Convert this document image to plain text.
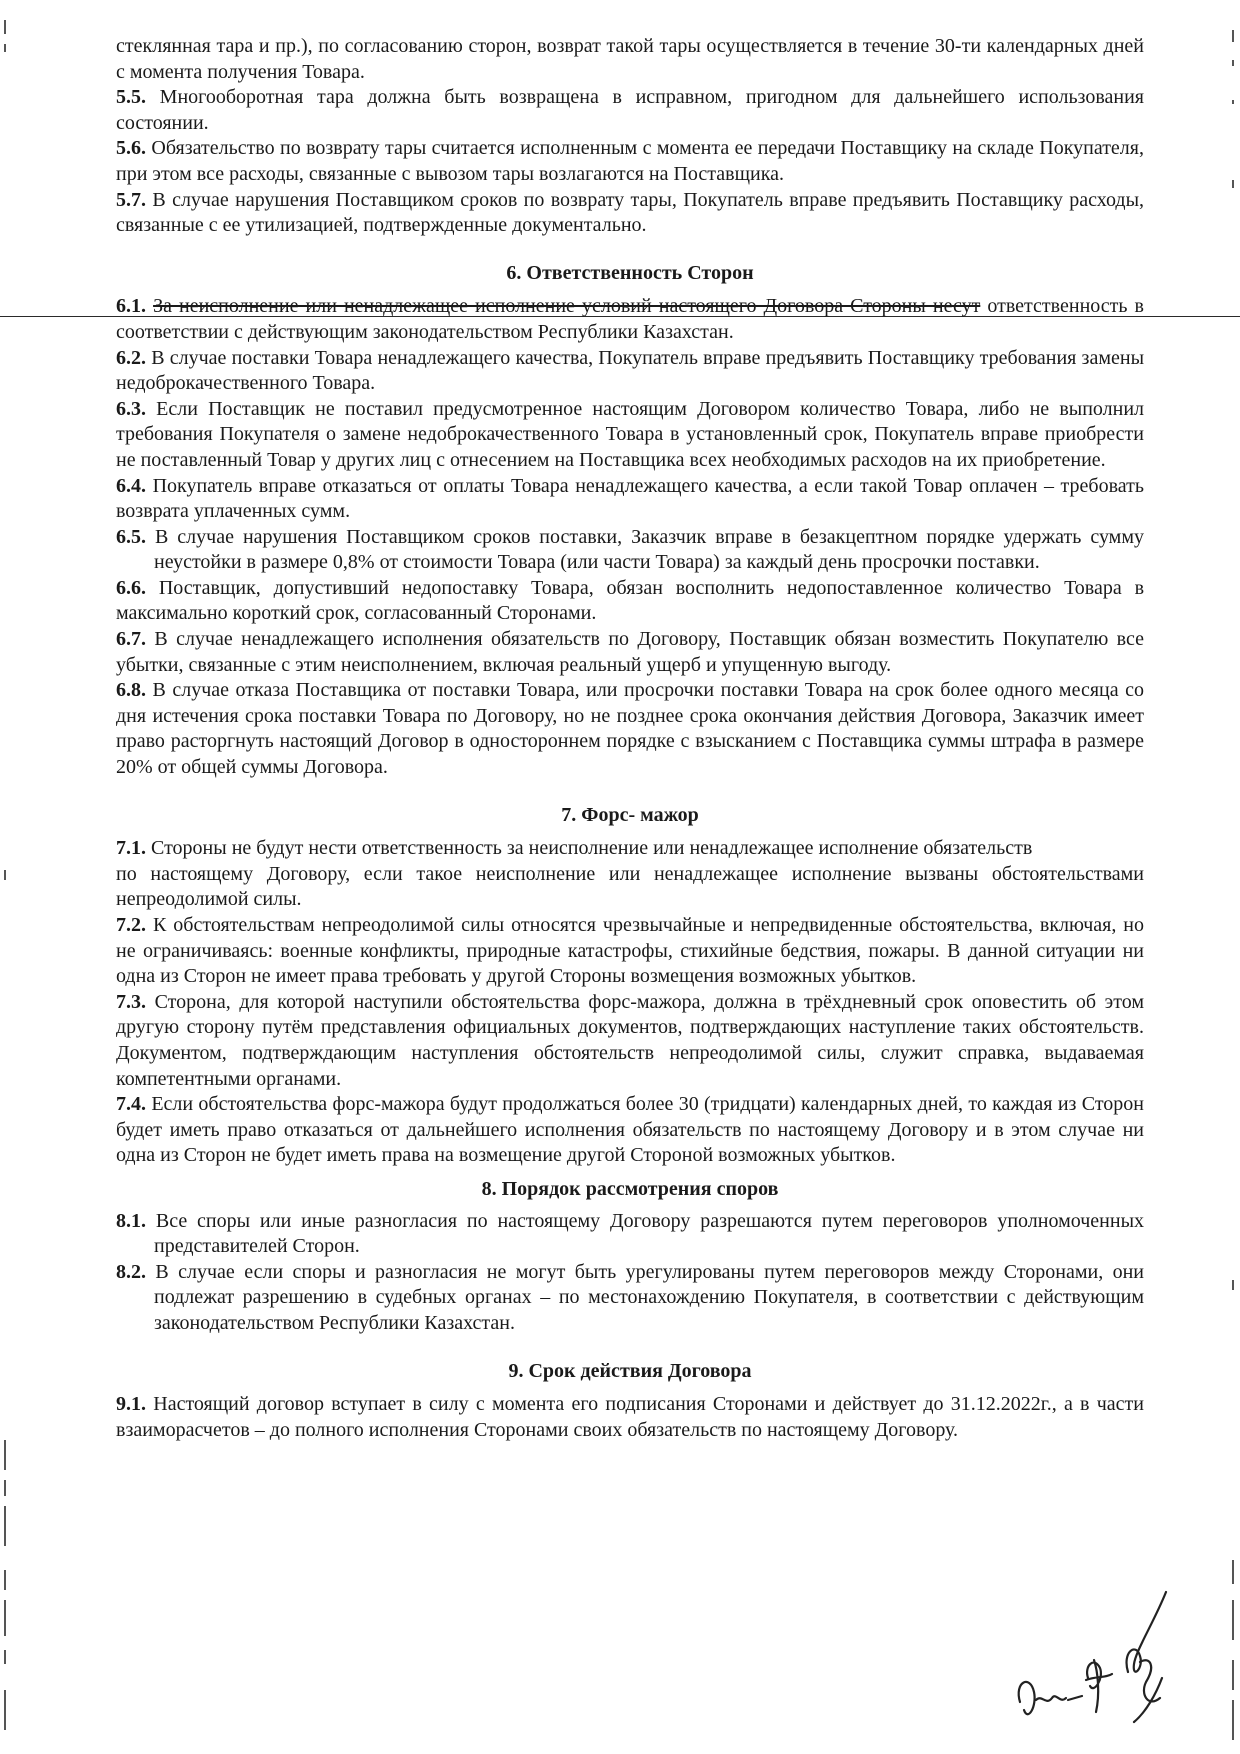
стеклянная тара и пр.), по согласованию сторон, возврат такой тары осуществляется в течение 30-ти календарных дней с момента получения Товара.

5.5. Многооборотная тара должна быть возвращена в исправном, пригодном для дальнейшего использования состоянии.

5.6. Обязательство по возврату тары считается исполненным с момента ее передачи Поставщику на складе Покупателя, при этом все расходы, связанные с вывозом тары возлагаются на Поставщика.

5.7. В случае нарушения Поставщиком сроков по возврату тары, Покупатель вправе предъявить Поставщику расходы, связанные с ее утилизацией, подтвержденные документально.

6. Ответственность Сторон

6.1. За неисполнение или ненадлежащее исполнение условий настоящего Договора Стороны несут ответственность в соответствии с действующим законодательством Республики Казахстан.

6.2. В случае поставки Товара ненадлежащего качества, Покупатель вправе предъявить Поставщику требования замены недоброкачественного Товара.

6.3. Если Поставщик не поставил предусмотренное настоящим Договором количество Товара, либо не выполнил требования Покупателя о замене недоброкачественного Товара в установленный срок, Покупатель вправе приобрести не поставленный Товар у других лиц с отнесением на Поставщика всех необходимых расходов на их приобретение.

6.4. Покупатель вправе отказаться от оплаты Товара ненадлежащего качества, а если такой Товар оплачен – требовать возврата уплаченных сумм.

6.5. В случае нарушения Поставщиком сроков поставки, Заказчик вправе в безакцептном порядке удержать сумму неустойки в размере 0,8% от стоимости Товара (или части Товара) за каждый день просрочки поставки.

6.6. Поставщик, допустивший недопоставку Товара, обязан восполнить недопоставленное количество Товара в максимально короткий срок, согласованный Сторонами.

6.7. В случае ненадлежащего исполнения обязательств по Договору, Поставщик обязан возместить Покупателю все убытки, связанные с этим неисполнением, включая реальный ущерб и упущенную выгоду.

6.8. В случае отказа Поставщика от поставки Товара, или просрочки поставки Товара на срок более одного месяца со дня истечения срока поставки Товара по Договору, но не позднее срока окончания действия Договора, Заказчик имеет право расторгнуть настоящий Договор в одностороннем порядке с взысканием с Поставщика суммы штрафа в размере 20% от общей суммы Договора.

7. Форс- мажор

7.1. Стороны не будут нести ответственность за неисполнение или ненадлежащее исполнение обязательств

по настоящему Договору, если такое неисполнение или ненадлежащее исполнение вызваны обстоятельствами непреодолимой силы.

7.2. К обстоятельствам непреодолимой силы относятся чрезвычайные и непредвиденные обстоятельства, включая, но не ограничиваясь: военные конфликты, природные катастрофы, стихийные бедствия, пожары. В данной ситуации ни одна из Сторон не имеет права требовать у другой Стороны возмещения возможных убытков.

7.3. Сторона, для которой наступили обстоятельства форс-мажора, должна в трёхдневный срок оповестить об этом другую сторону путём представления официальных документов, подтверждающих наступление таких обстоятельств. Документом, подтверждающим наступления обстоятельств непреодолимой силы, служит справка, выдаваемая компетентными органами.

7.4. Если обстоятельства форс-мажора будут продолжаться более 30 (тридцати) календарных дней, то каждая из Сторон будет иметь право отказаться от дальнейшего исполнения обязательств по настоящему Договору и в этом случае ни одна из Сторон не будет иметь права на возмещение другой Стороной возможных убытков.

8. Порядок рассмотрения споров

8.1. Все споры или иные разногласия по настоящему Договору разрешаются путем переговоров уполномоченных представителей Сторон.

8.2. В случае если споры и разногласия не могут быть урегулированы путем переговоров между Сторонами, они подлежат разрешению в судебных органах – по местонахождению Покупателя, в соответствии с действующим законодательством Республики Казахстан.

9. Срок действия Договора

9.1. Настоящий договор вступает в силу с момента его подписания Сторонами и действует до 31.12.2022г., а в части взаиморасчетов – до полного исполнения Сторонами своих обязательств по настоящему Договору.
